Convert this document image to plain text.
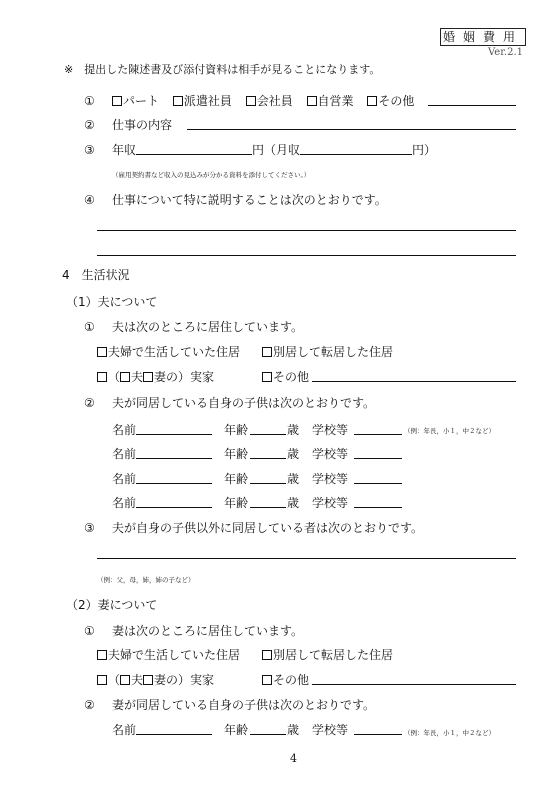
婚姻費用
Ver.2.1
※　提出した陳述書及び添付資料は相手が見ることになります。
①	パート 派遣社員 会社員 自営業 その他
② 仕事の内容
③ 年収	円（月収	円）
（雇用契約書など収入の見込みが分かる資料を添付してください。）
④ 仕事について特に説明することは次のとおりです。
4　生活状況
（1）夫について
① 夫は次のところに居住しています。
夫婦で生活していた住居	別居して転居した住居
（ 夫 妻の）実家	その他
② 夫が同居している自身の子供は次のとおりです。
名前	年齢	歳 学校等
名前	年齢	歳 学校等
名前	年齢	歳 学校等
名前	年齢	歳 学校等
（例：年長，小１，中２など）
③ 夫が自身の子供以外に同居している者は次のとおりです。
（例：父，母，姉，姉の子など）
（2）妻について
① 妻は次のところに居住しています。
夫婦で生活していた住居	別居して転居した住居
（ 夫 妻の）実家	その他
② 妻が同居している自身の子供は次のとおりです。
名前	年齢	歳 学校等	（例：年長，小１，中２など）
4
